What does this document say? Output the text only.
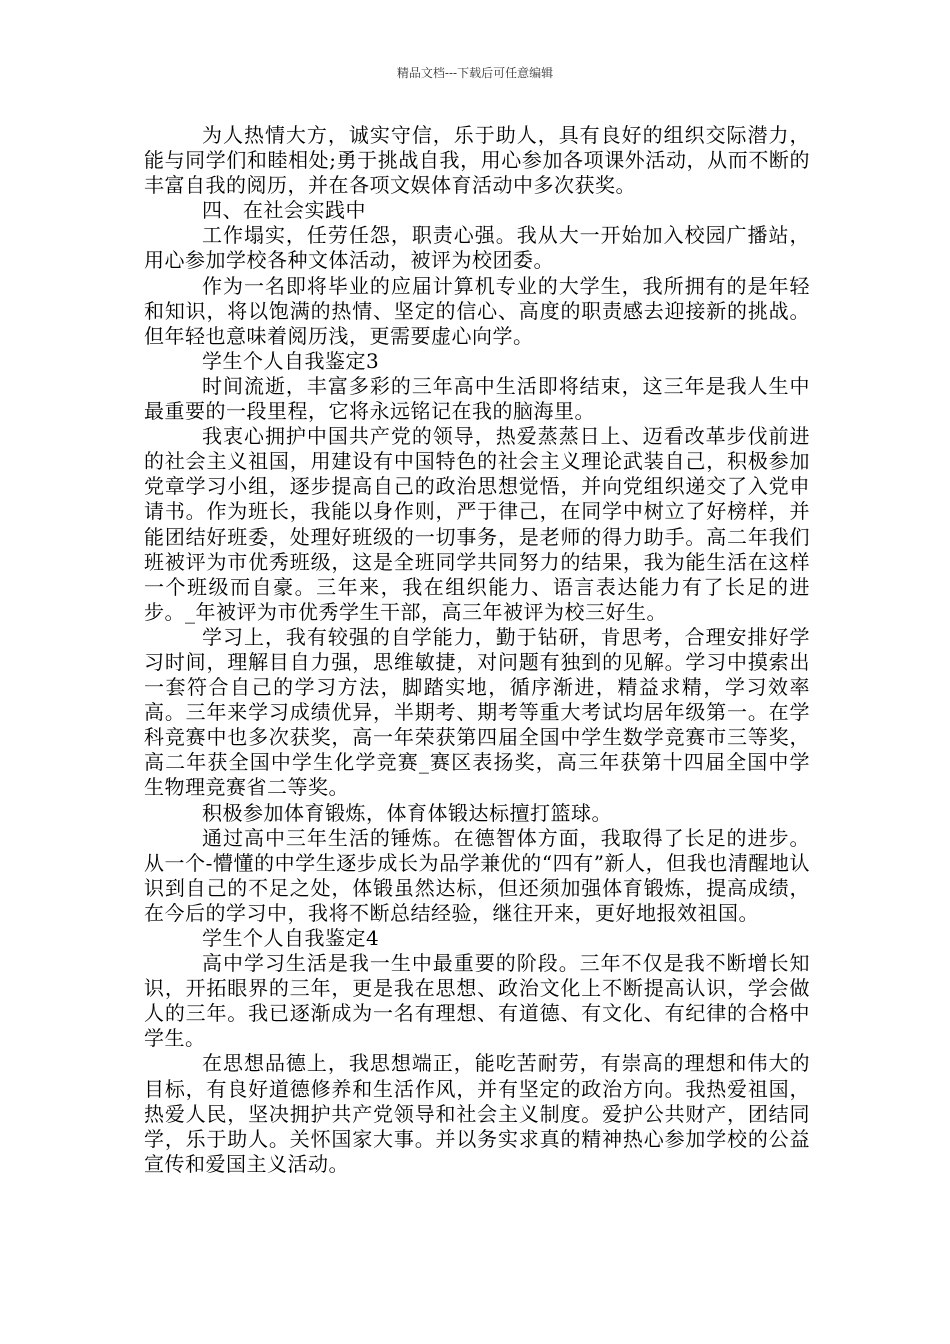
精品文档---下载后可任意编辑

为人热情大方，诚实守信，乐于助人，具有良好的组织交际潜力，能与同学们和睦相处;勇于挑战自我，用心参加各项课外活动，从而不断的丰富自我的阅历，并在各项文娱体育活动中多次获奖。

四、在社会实践中

工作塌实，任劳任怨，职责心强。我从大一开始加入校园广播站，用心参加学校各种文体活动，被评为校团委。

作为一名即将毕业的应届计算机专业的大学生，我所拥有的是年轻和知识，将以饱满的热情、坚定的信心、高度的职责感去迎接新的挑战。但年轻也意味着阅历浅，更需要虚心向学。

学生个人自我鉴定3

时间流逝，丰富多彩的三年高中生活即将结束，这三年是我人生中最重要的一段里程，它将永远铭记在我的脑海里。

我衷心拥护中国共产党的领导，热爱蒸蒸日上、迈看改革步伐前进的社会主义祖国，用建设有中国特色的社会主义理论武装自己，积极参加党章学习小组，逐步提高自己的政治思想觉悟，并向党组织递交了入党申请书。作为班长，我能以身作则，严于律己，在同学中树立了好榜样，并能团结好班委，处理好班级的一切事务，是老师的得力助手。高二年我们班被评为市优秀班级，这是全班同学共同努力的结果，我为能生活在这样一个班级而自豪。三年来，我在组织能力、语言表达能力有了长足的进步。_年被评为市优秀学生干部，高三年被评为校三好生。

学习上，我有较强的自学能力，勤于钻研，肯思考，合理安排好学习时间，理解目自力强，思维敏捷，对问题有独到的见解。学习中摸索出一套符合自己的学习方法，脚踏实地，循序渐进，精益求精，学习效率高。三年来学习成绩优异，半期考、期考等重大考试均居年级第一。在学科竞赛中也多次获奖，高一年荣获第四届全国中学生数学竞赛市三等奖，高二年获全国中学生化学竞赛_赛区表扬奖，高三年获第十四届全国中学生物理竞赛省二等奖。

积极参加体育锻炼，体育体锻达标擅打篮球。

通过高中三年生活的锤炼。在德智体方面，我取得了长足的进步。从一个-懵懂的中学生逐步成长为品学兼优的“四有”新人，但我也清醒地认识到自己的不足之处，体锻虽然达标，但还须加强体育锻炼，提高成绩，在今后的学习中，我将不断总结经验，继往开来，更好地报效祖国。

学生个人自我鉴定4

高中学习生活是我一生中最重要的阶段。三年不仅是我不断增长知识，开拓眼界的三年，更是我在思想、政治文化上不断提高认识，学会做人的三年。我已逐渐成为一名有理想、有道德、有文化、有纪律的合格中学生。

在思想品德上，我思想端正，能吃苦耐劳，有崇高的理想和伟大的目标，有良好道德修养和生活作风，并有坚定的政治方向。我热爱祖国，热爱人民，坚决拥护共产党领导和社会主义制度。爱护公共财产，团结同学，乐于助人。关怀国家大事。并以务实求真的精神热心参加学校的公益宣传和爱国主义活动。
